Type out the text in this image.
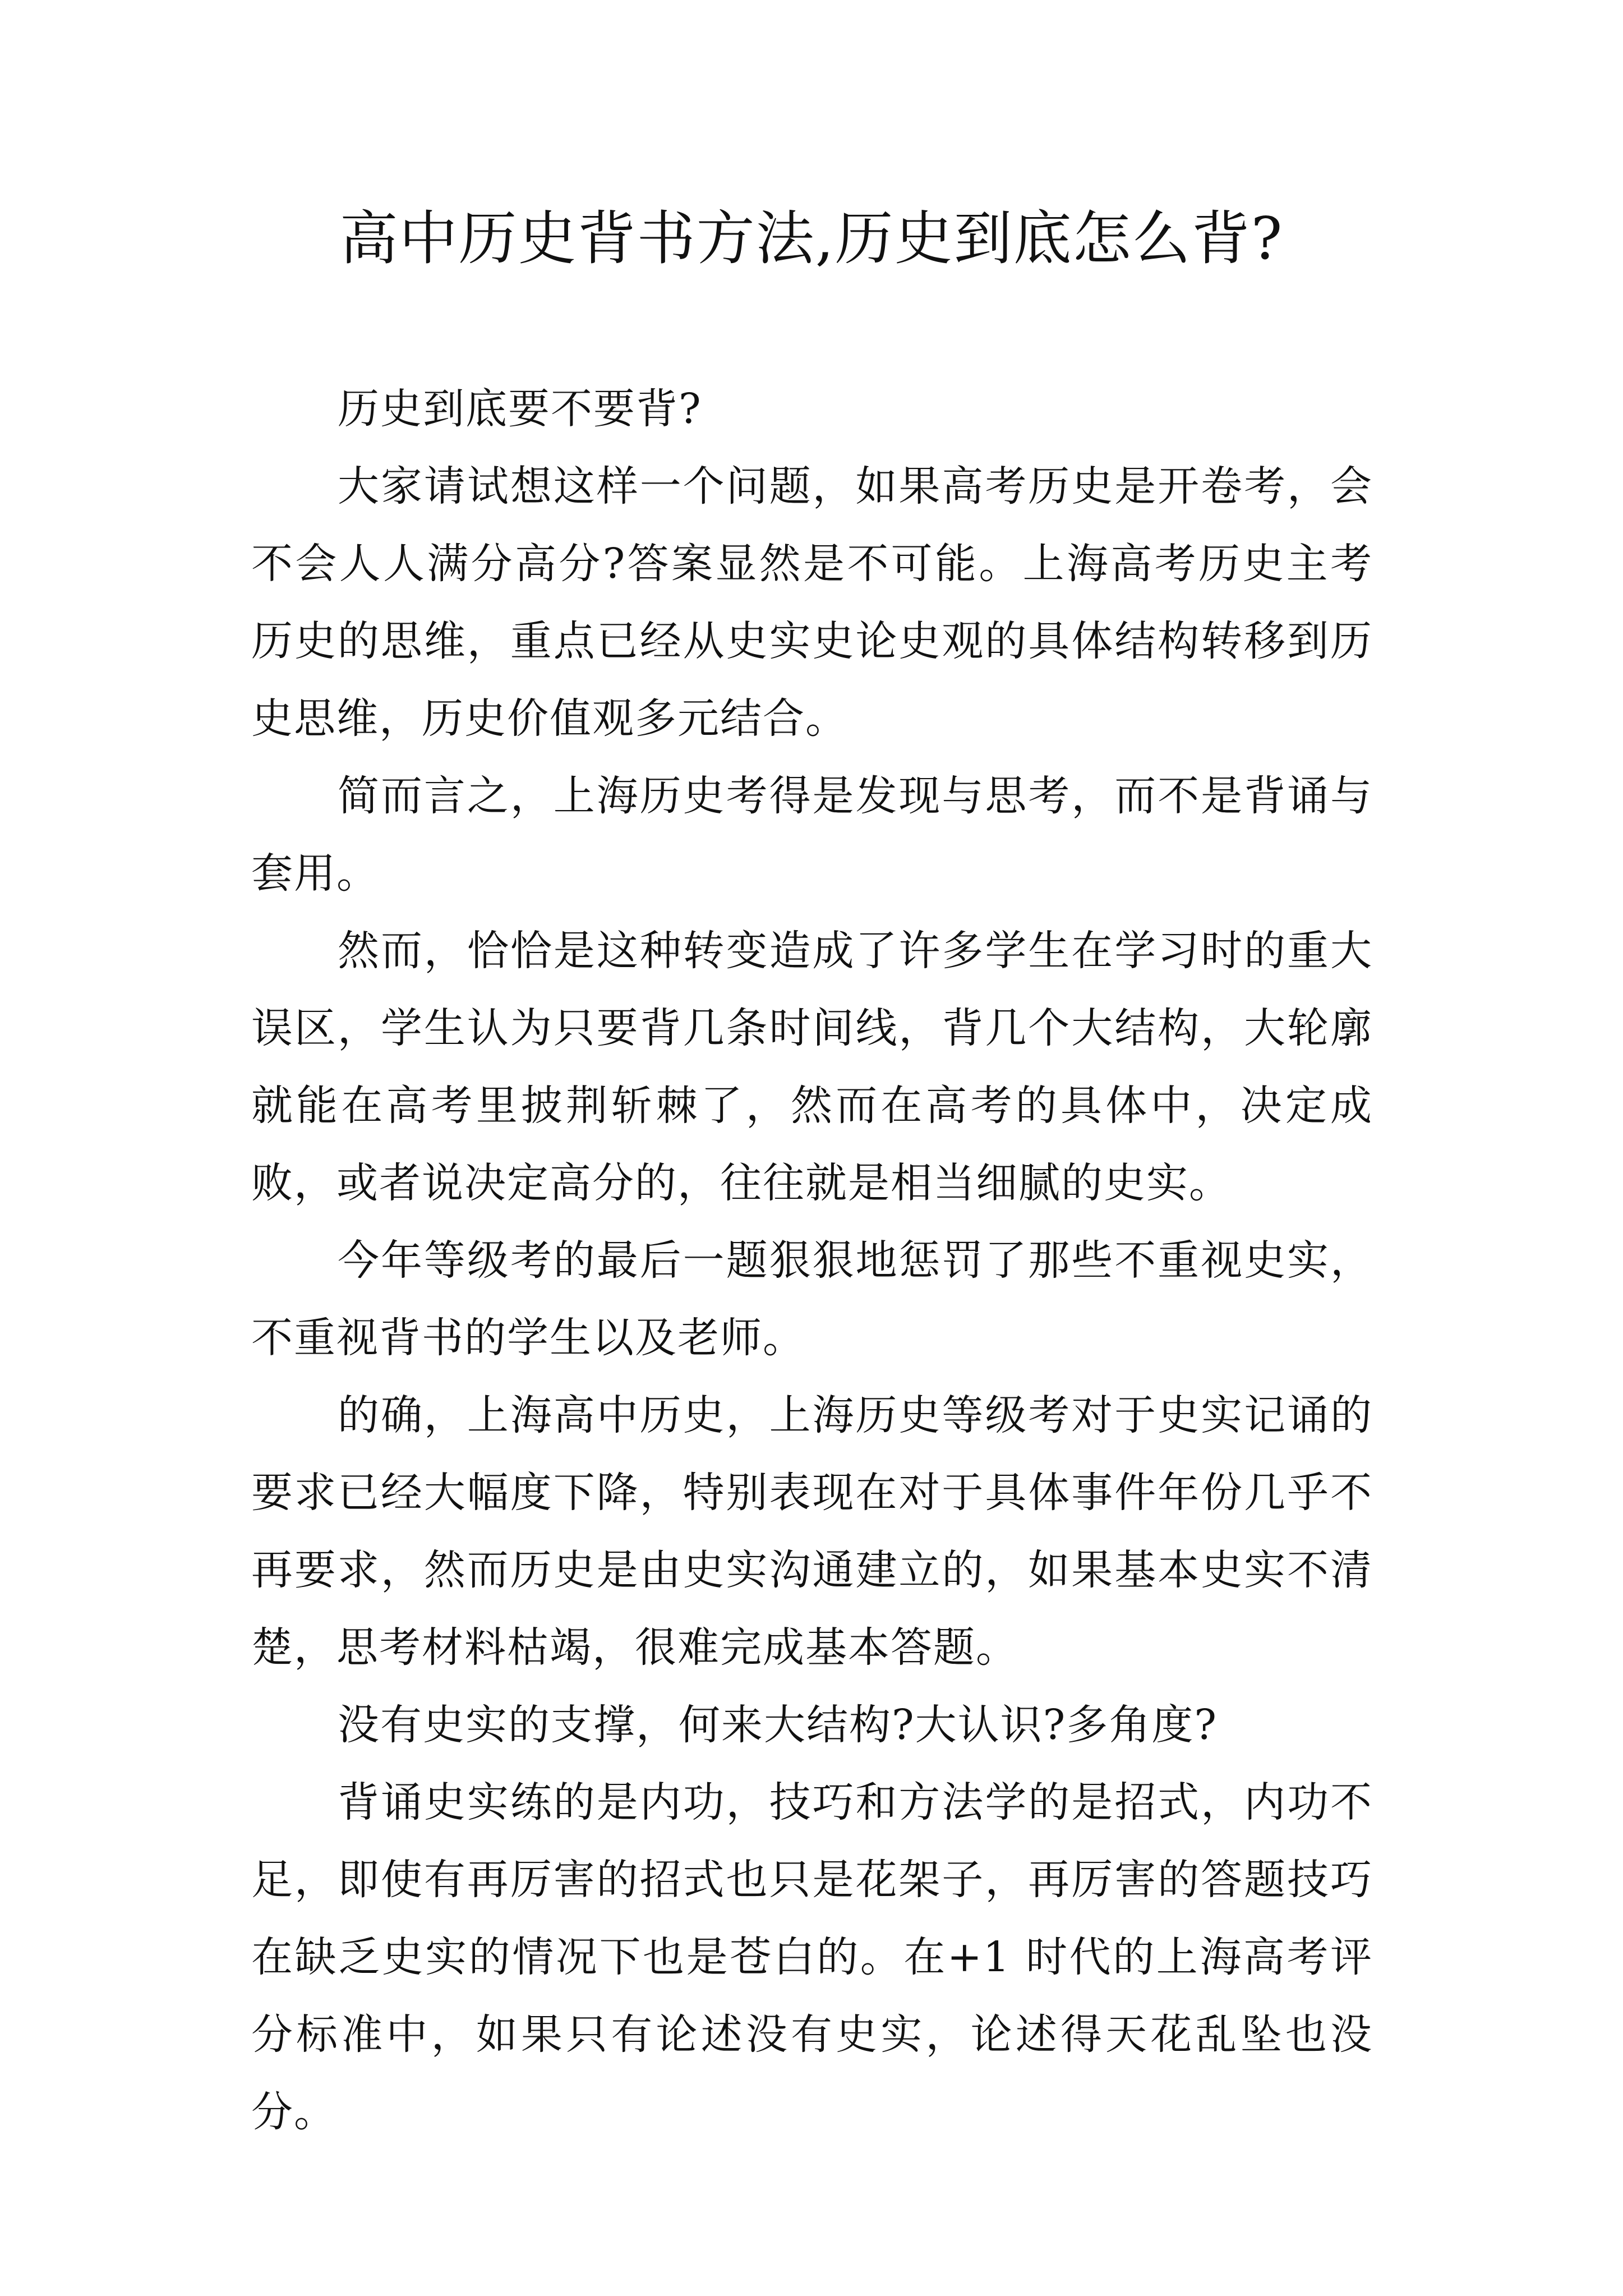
高中历史背书方法,历史到底怎么背?

历史到底要不要背?

大家请试想这样一个问题，如果高考历史是开卷考，会不会人人满分高分?答案显然是不可能。上海高考历史主考历史的思维，重点已经从史实史论史观的具体结构转移到历史思维，历史价值观多元结合。

简而言之，上海历史考得是发现与思考，而不是背诵与套用。

然而，恰恰是这种转变造成了许多学生在学习时的重大误区，学生认为只要背几条时间线，背几个大结构，大轮廓就能在高考里披荆斩棘了，然而在高考的具体中，决定成败，或者说决定高分的，往往就是相当细腻的史实。

今年等级考的最后一题狠狠地惩罚了那些不重视史实，不重视背书的学生以及老师。

的确，上海高中历史，上海历史等级考对于史实记诵的要求已经大幅度下降，特别表现在对于具体事件年份几乎不再要求，然而历史是由史实沟通建立的，如果基本史实不清楚，思考材料枯竭，很难完成基本答题。

没有史实的支撑，何来大结构?大认识?多角度?

背诵史实练的是内功，技巧和方法学的是招式，内功不足，即使有再厉害的招式也只是花架子，再厉害的答题技巧在缺乏史实的情况下也是苍白的。在+1 时代的上海高考评分标准中，如果只有论述没有史实，论述得天花乱坠也没分。
